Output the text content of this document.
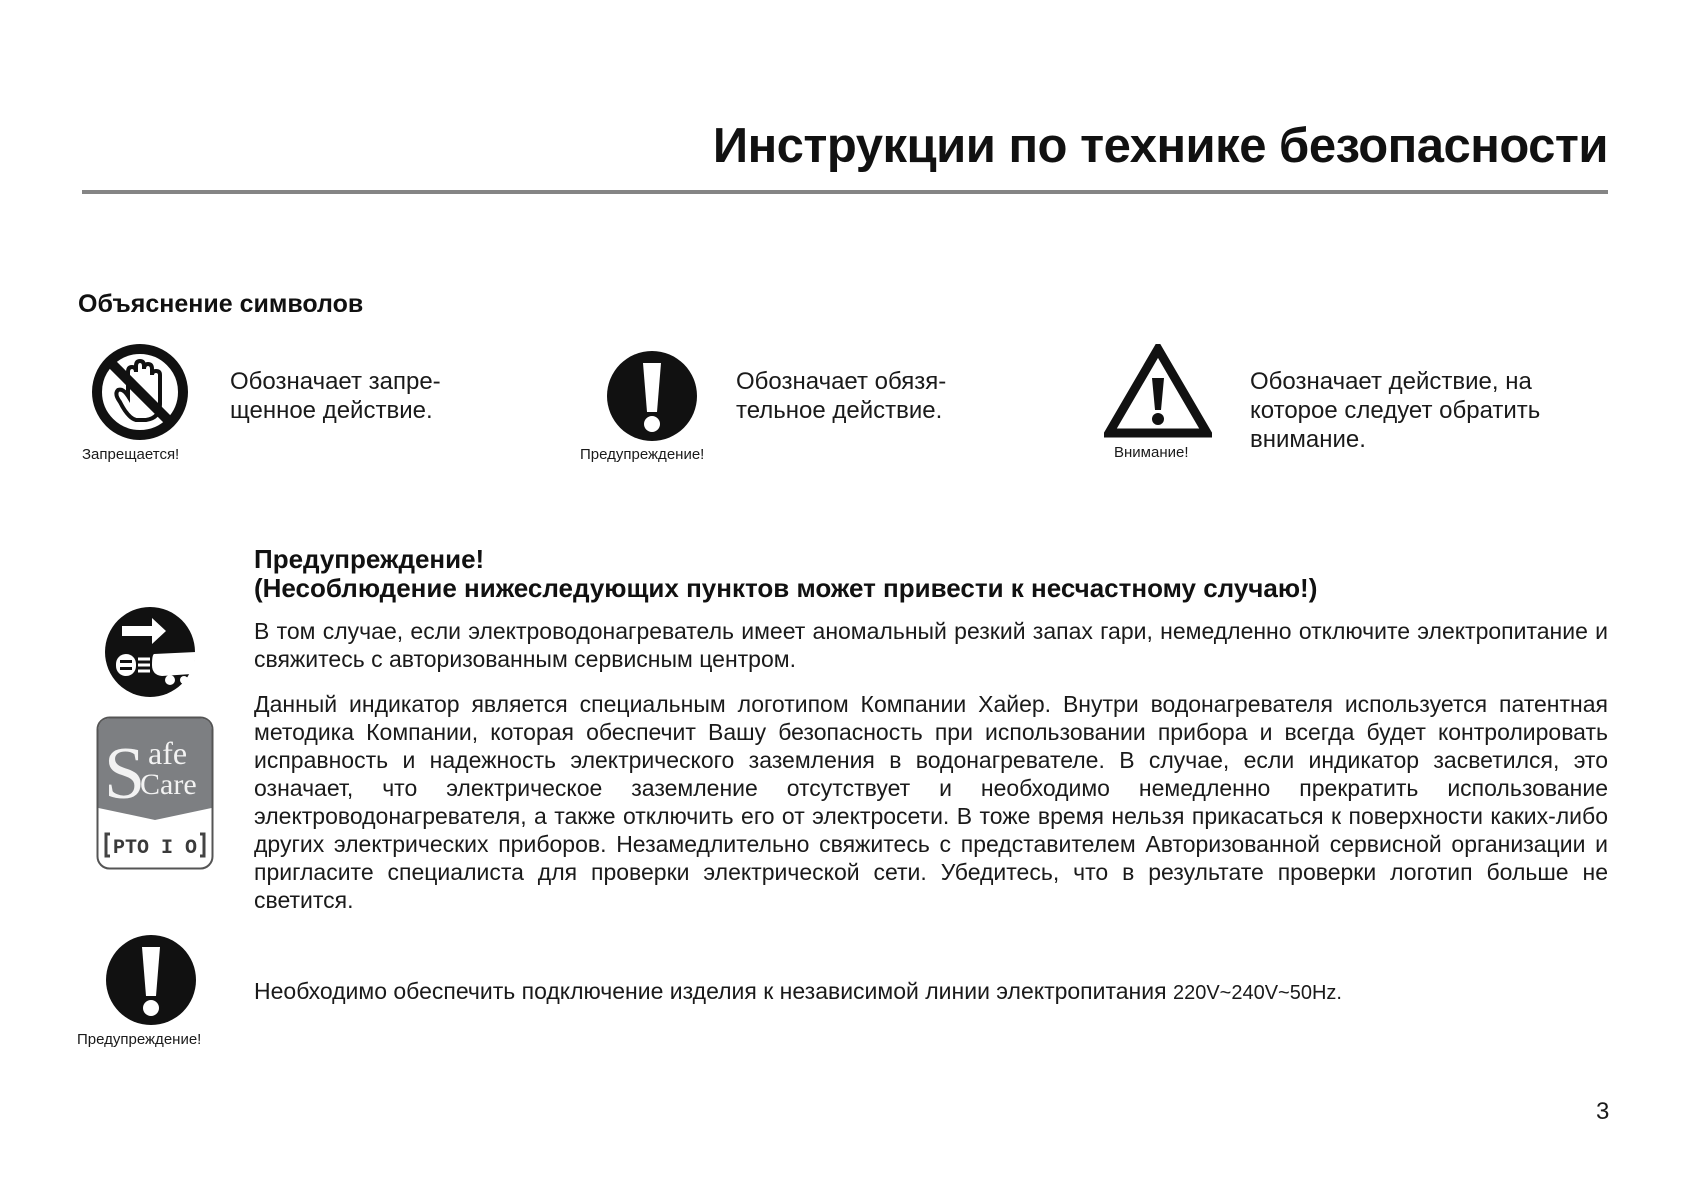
Инструкции по технике безопасности
Объяснение символов
Запрещается!
Обозначает запре-
щенное действие.
Предупреждение!
Обозначает обязя-
тельное действие.
Внимание!
Обозначает действие, на
которое следует обратить
внимание.
Предупреждение!
(Несоблюдение нижеследующих пунктов может привести к несчастному случаю!)
S afe
Care
PTO I O
В том случае, если электроводонагреватель имеет аномальный резкий запах гари, немедленно отключите электропитание и свяжитесь с авторизованным сервисным центром.
Данный индикатор является специальным логотипом Компании Хайер. Внутри водонагревателя используется патентная методика Компании, которая обеспечит Вашу безопасность при использовании прибора и всегда будет контролировать исправность и надежность электрического заземления в водонагревателе. В случае, если индикатор засветился, это означает, что электрическое заземление отсутствует и необходимо немедленно прекратить использование электроводонагревателя, а также отключить его от электросети. В тоже время нельзя прикасаться к поверхности каких-либо других электрических приборов. Незамедлительно свяжитесь с представителем Авторизованной сервисной организации и пригласите специалиста для проверки электрической сети. Убедитесь, что в результате проверки логотип больше не светится.
Предупреждение!
Необходимо обеспечить подключение изделия к независимой линии электропитания 220V~240V~50Hz.
3
